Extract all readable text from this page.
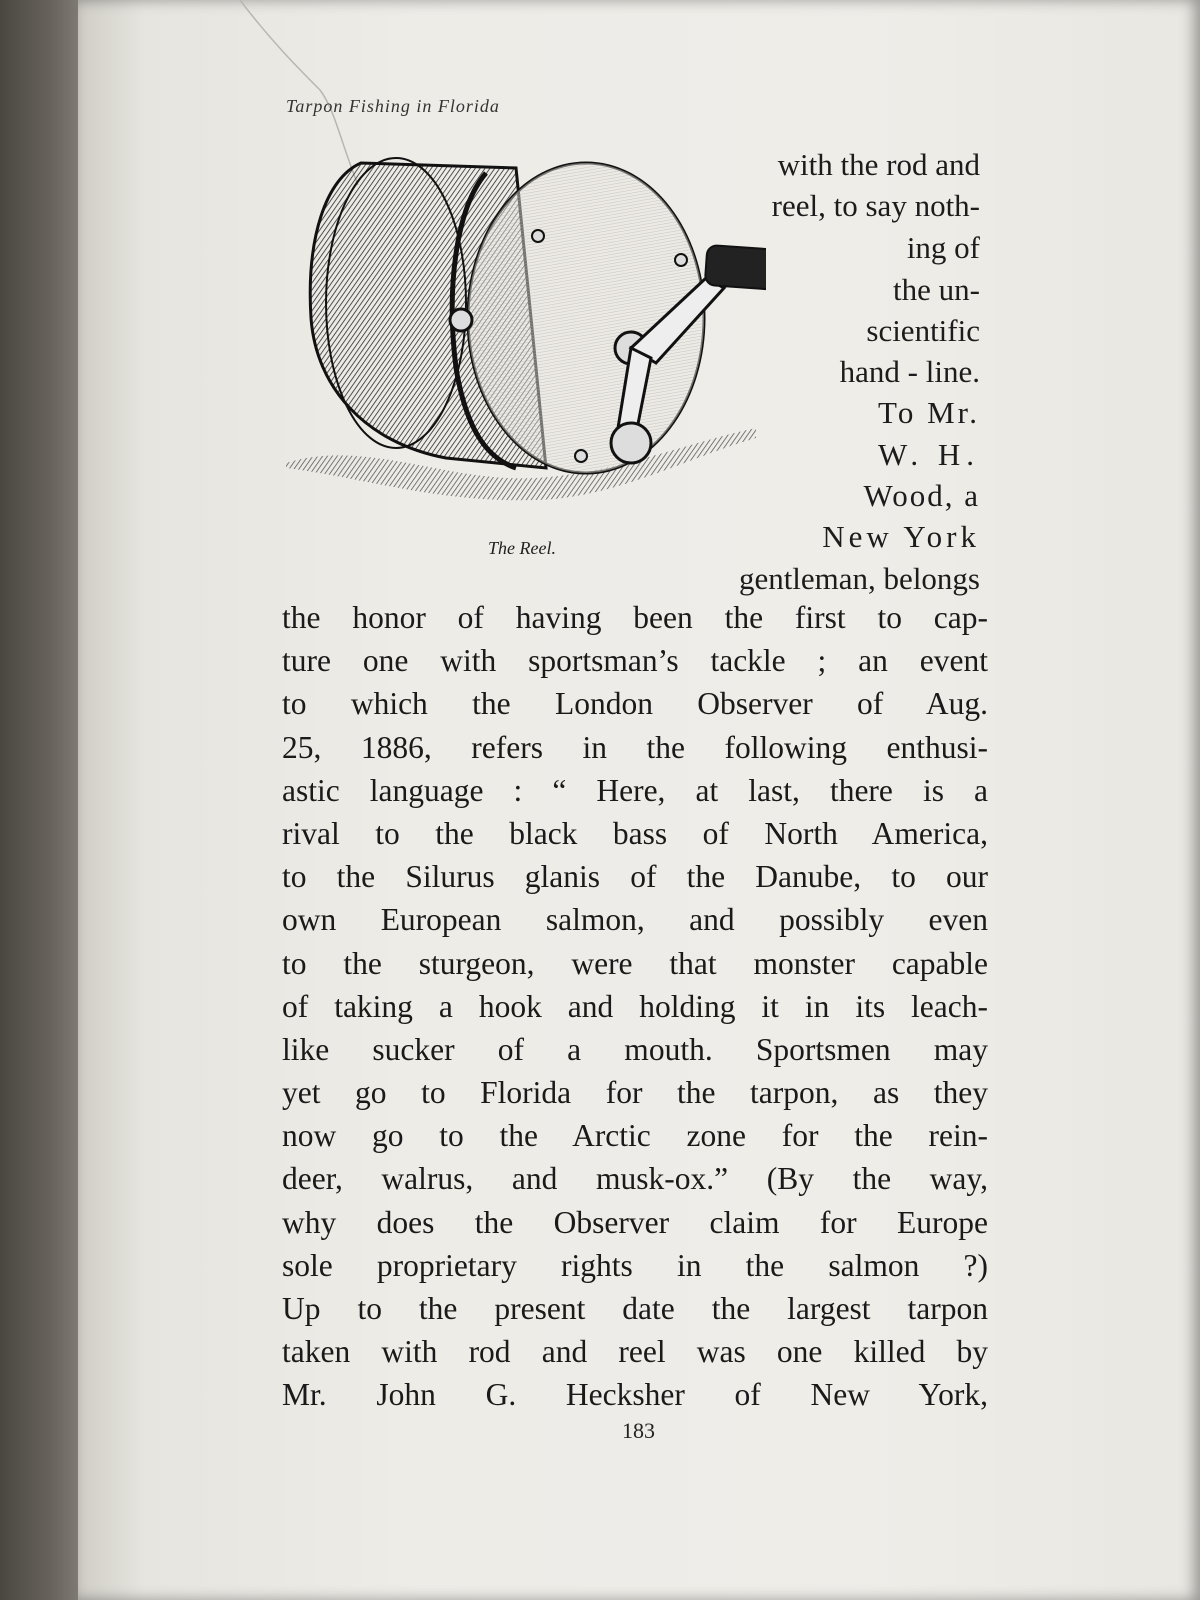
Tarpon Fishing in Florida
The Reel.
with the rod and
reel, to say noth-
ing of
the un-
scientific
hand - line.
To Mr.
W. H.
Wood, a
New York
gentleman, belongs
the honor of having been the first to cap-
ture one with sportsman’s tackle ; an event
to which the London Observer of Aug.
25, 1886, refers in the following enthusi-
astic language : “ Here, at last, there is a
rival to the black bass of North America,
to the Silurus glanis of the Danube, to our
own European salmon, and possibly even
to the sturgeon, were that monster capable
of taking a hook and holding it in its leach-
like sucker of a mouth. Sportsmen may
yet go to Florida for the tarpon, as they
now go to the Arctic zone for the rein-
deer, walrus, and musk-ox.” (By the way,
why does the Observer claim for Europe
sole proprietary rights in the salmon ?)
Up to the present date the largest tarpon
taken with rod and reel was one killed by
Mr. John G. Hecksher of New York,
183
